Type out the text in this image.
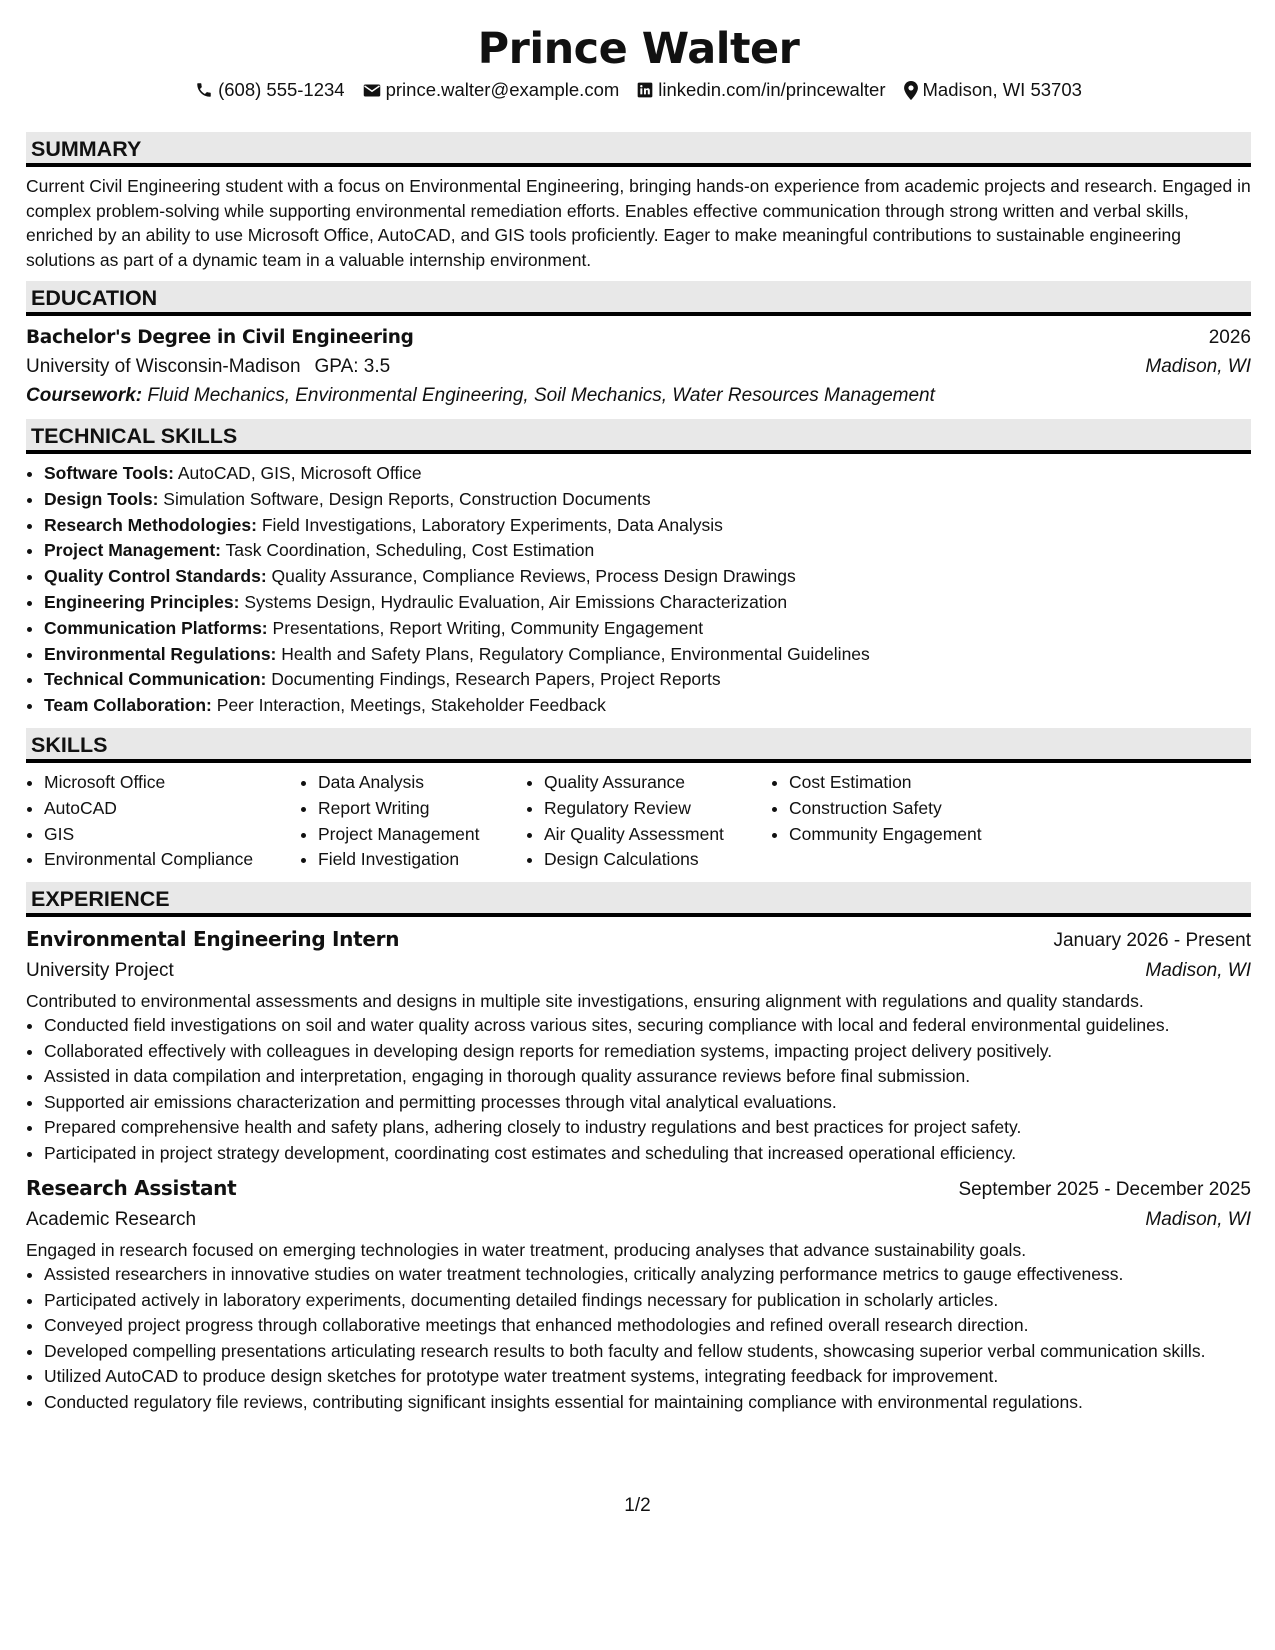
Prince Walter
(608) 555-1234 prince.walter@example.com linkedin.com/in/princewalter Madison, WI 53703
SUMMARY
Current Civil Engineering student with a focus on Environmental Engineering, bringing hands-on experience from academic projects and research. Engaged in complex problem-solving while supporting environmental remediation efforts. Enables effective communication through strong written and verbal skills, enriched by an ability to use Microsoft Office, AutoCAD, and GIS tools proficiently. Eager to make meaningful contributions to sustainable engineering solutions as part of a dynamic team in a valuable internship environment.
EDUCATION
Bachelor's Degree in Civil Engineering	2026
University of Wisconsin-Madison GPA: 3.5	Madison, WI
Coursework: Fluid Mechanics, Environmental Engineering, Soil Mechanics, Water Resources Management
TECHNICAL SKILLS
• Software Tools: AutoCAD, GIS, Microsoft Office
• Design Tools: Simulation Software, Design Reports, Construction Documents
• Research Methodologies: Field Investigations, Laboratory Experiments, Data Analysis
• Project Management: Task Coordination, Scheduling, Cost Estimation
• Quality Control Standards: Quality Assurance, Compliance Reviews, Process Design Drawings
• Engineering Principles: Systems Design, Hydraulic Evaluation, Air Emissions Characterization
• Communication Platforms: Presentations, Report Writing, Community Engagement
• Environmental Regulations: Health and Safety Plans, Regulatory Compliance, Environmental Guidelines
• Technical Communication: Documenting Findings, Research Papers, Project Reports
• Team Collaboration: Peer Interaction, Meetings, Stakeholder Feedback
SKILLS
• Microsoft Office
• AutoCAD
• GIS
• Environmental Compliance
• Data Analysis
• Report Writing
• Project Management
• Field Investigation
• Quality Assurance
• Regulatory Review
• Air Quality Assessment
• Design Calculations
• Cost Estimation
• Construction Safety
• Community Engagement
EXPERIENCE
Environmental Engineering Intern	January 2026 - Present
University Project	Madison, WI
Contributed to environmental assessments and designs in multiple site investigations, ensuring alignment with regulations and quality standards.
• Conducted field investigations on soil and water quality across various sites, securing compliance with local and federal environmental guidelines.
• Collaborated effectively with colleagues in developing design reports for remediation systems, impacting project delivery positively.
• Assisted in data compilation and interpretation, engaging in thorough quality assurance reviews before final submission.
• Supported air emissions characterization and permitting processes through vital analytical evaluations.
• Prepared comprehensive health and safety plans, adhering closely to industry regulations and best practices for project safety.
• Participated in project strategy development, coordinating cost estimates and scheduling that increased operational efficiency.
Research Assistant	September 2025 - December 2025
Academic Research	Madison, WI
Engaged in research focused on emerging technologies in water treatment, producing analyses that advance sustainability goals.
• Assisted researchers in innovative studies on water treatment technologies, critically analyzing performance metrics to gauge effectiveness.
• Participated actively in laboratory experiments, documenting detailed findings necessary for publication in scholarly articles.
• Conveyed project progress through collaborative meetings that enhanced methodologies and refined overall research direction.
• Developed compelling presentations articulating research results to both faculty and fellow students, showcasing superior verbal communication skills.
• Utilized AutoCAD to produce design sketches for prototype water treatment systems, integrating feedback for improvement.
• Conducted regulatory file reviews, contributing significant insights essential for maintaining compliance with environmental regulations.
1/2
